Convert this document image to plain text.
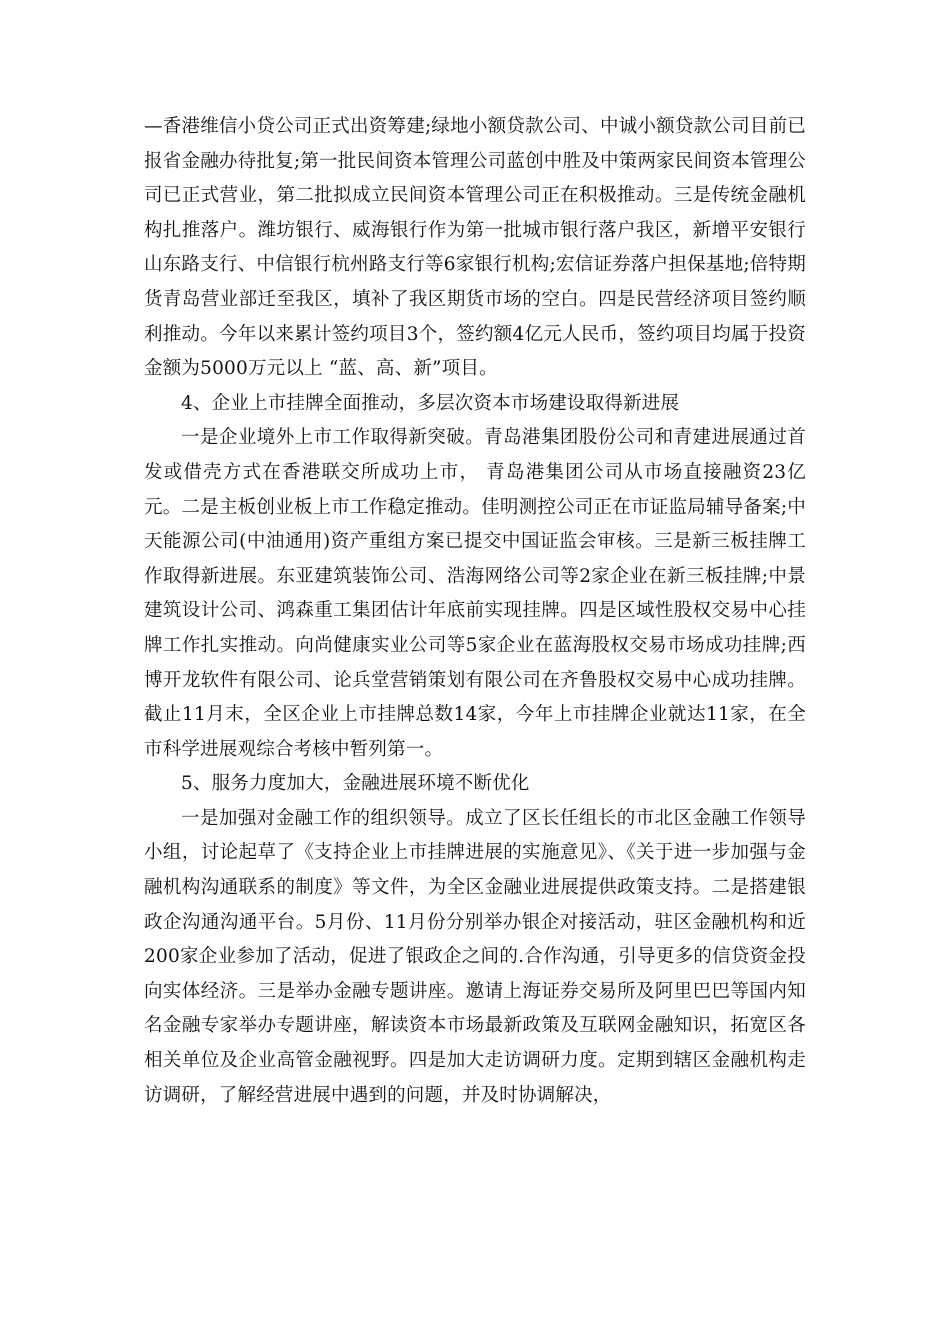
—香港维信小贷公司正式出资筹建;绿地小额贷款公司、中诚小额贷款公司目前已报省金融办待批复;第一批民间资本管理公司蓝创中胜及中策两家民间资本管理公司已正式营业，第二批拟成立民间资本管理公司正在积极推动。三是传统金融机构扎推落户。潍坊银行、威海银行作为第一批城市银行落户我区，新增平安银行山东路支行、中信银行杭州路支行等6家银行机构;宏信证券落户担保基地;倍特期货青岛营业部迁至我区，填补了我区期货市场的空白。四是民营经济项目签约顺利推动。今年以来累计签约项目3个，签约额4亿元人民币，签约项目均属于投资金额为5000万元以上 “蓝、高、新”项目。

4、企业上市挂牌全面推动，多层次资本市场建设取得新进展

一是企业境外上市工作取得新突破。青岛港集团股份公司和青建进展通过首发或借壳方式在香港联交所成功上市， 青岛港集团公司从市场直接融资23亿元。二是主板创业板上市工作稳定推动。佳明测控公司正在市证监局辅导备案;中天能源公司(中油通用)资产重组方案已提交中国证监会审核。三是新三板挂牌工作取得新进展。东亚建筑装饰公司、浩海网络公司等2家企业在新三板挂牌;中景建筑设计公司、鸿森重工集团估计年底前实现挂牌。四是区域性股权交易中心挂牌工作扎实推动。向尚健康实业公司等5家企业在蓝海股权交易市场成功挂牌;西博开龙软件有限公司、论兵堂营销策划有限公司在齐鲁股权交易中心成功挂牌。截止11月末，全区企业上市挂牌总数14家，今年上市挂牌企业就达11家，在全市科学进展观综合考核中暂列第一。

5、服务力度加大，金融进展环境不断优化

一是加强对金融工作的组织领导。成立了区长任组长的市北区金融工作领导小组，讨论起草了《支持企业上市挂牌进展的实施意见》、《关于进一步加强与金融机构沟通联系的制度》等文件，为全区金融业进展提供政策支持。二是搭建银政企沟通沟通平台。5月份、11月份分别举办银企对接活动，驻区金融机构和近200家企业参加了活动，促进了银政企之间的.合作沟通，引导更多的信贷资金投向实体经济。三是举办金融专题讲座。邀请上海证券交易所及阿里巴巴等国内知名金融专家举办专题讲座，解读资本市场最新政策及互联网金融知识，拓宽区各相关单位及企业高管金融视野。四是加大走访调研力度。定期到辖区金融机构走访调研，了解经营进展中遇到的问题，并及时协调解决，
